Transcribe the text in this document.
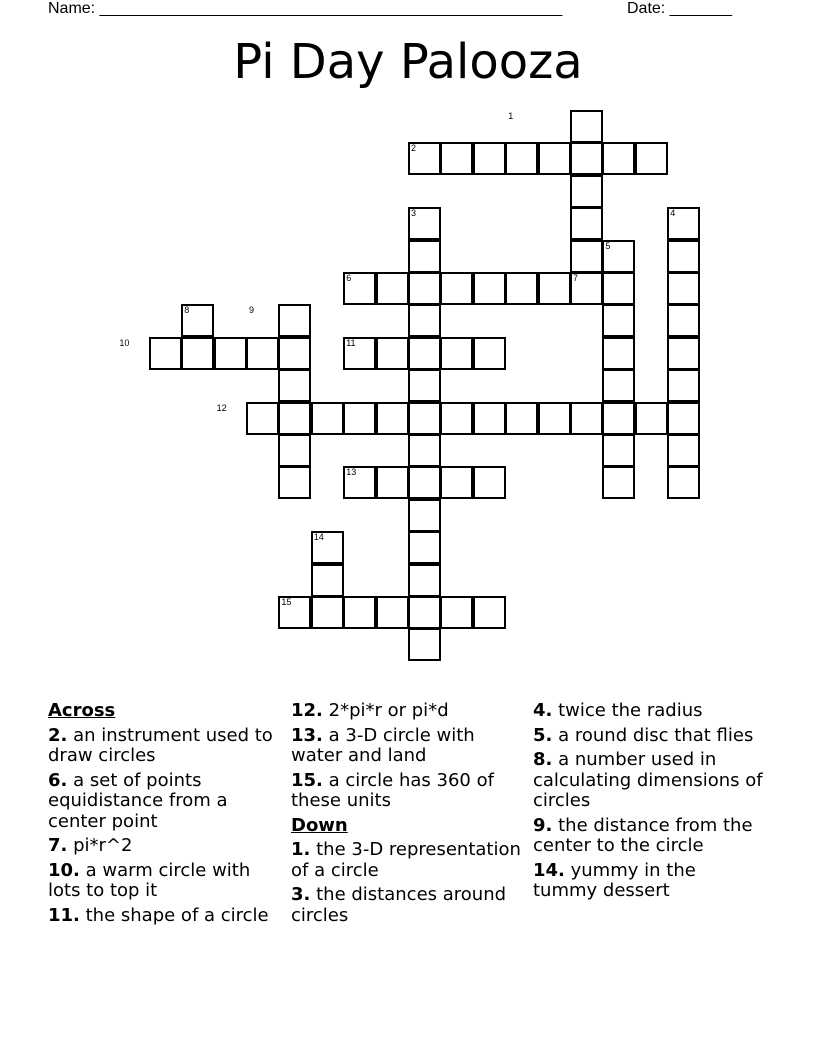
Name: ____________________________________________________	Date: _______
Pi Day Palooza
1
2
3	4
5
6	7
8	9
10	11
12
13
14
15
Across
2. an instrument used to draw circles
6. a set of points equidistance from a center point
7. pi*r^2
10. a warm circle with lots to top it
11. the shape of a circle
12. 2*pi*r or pi*d
13. a 3-D circle with water and land
15. a circle has 360 of these units
Down
1. the 3-D representation of a circle
3. the distances around circles
4. twice the radius
5. a round disc that flies
8. a number used in calculating dimensions of circles
9. the distance from the center to the circle
14. yummy in the tummy dessert
